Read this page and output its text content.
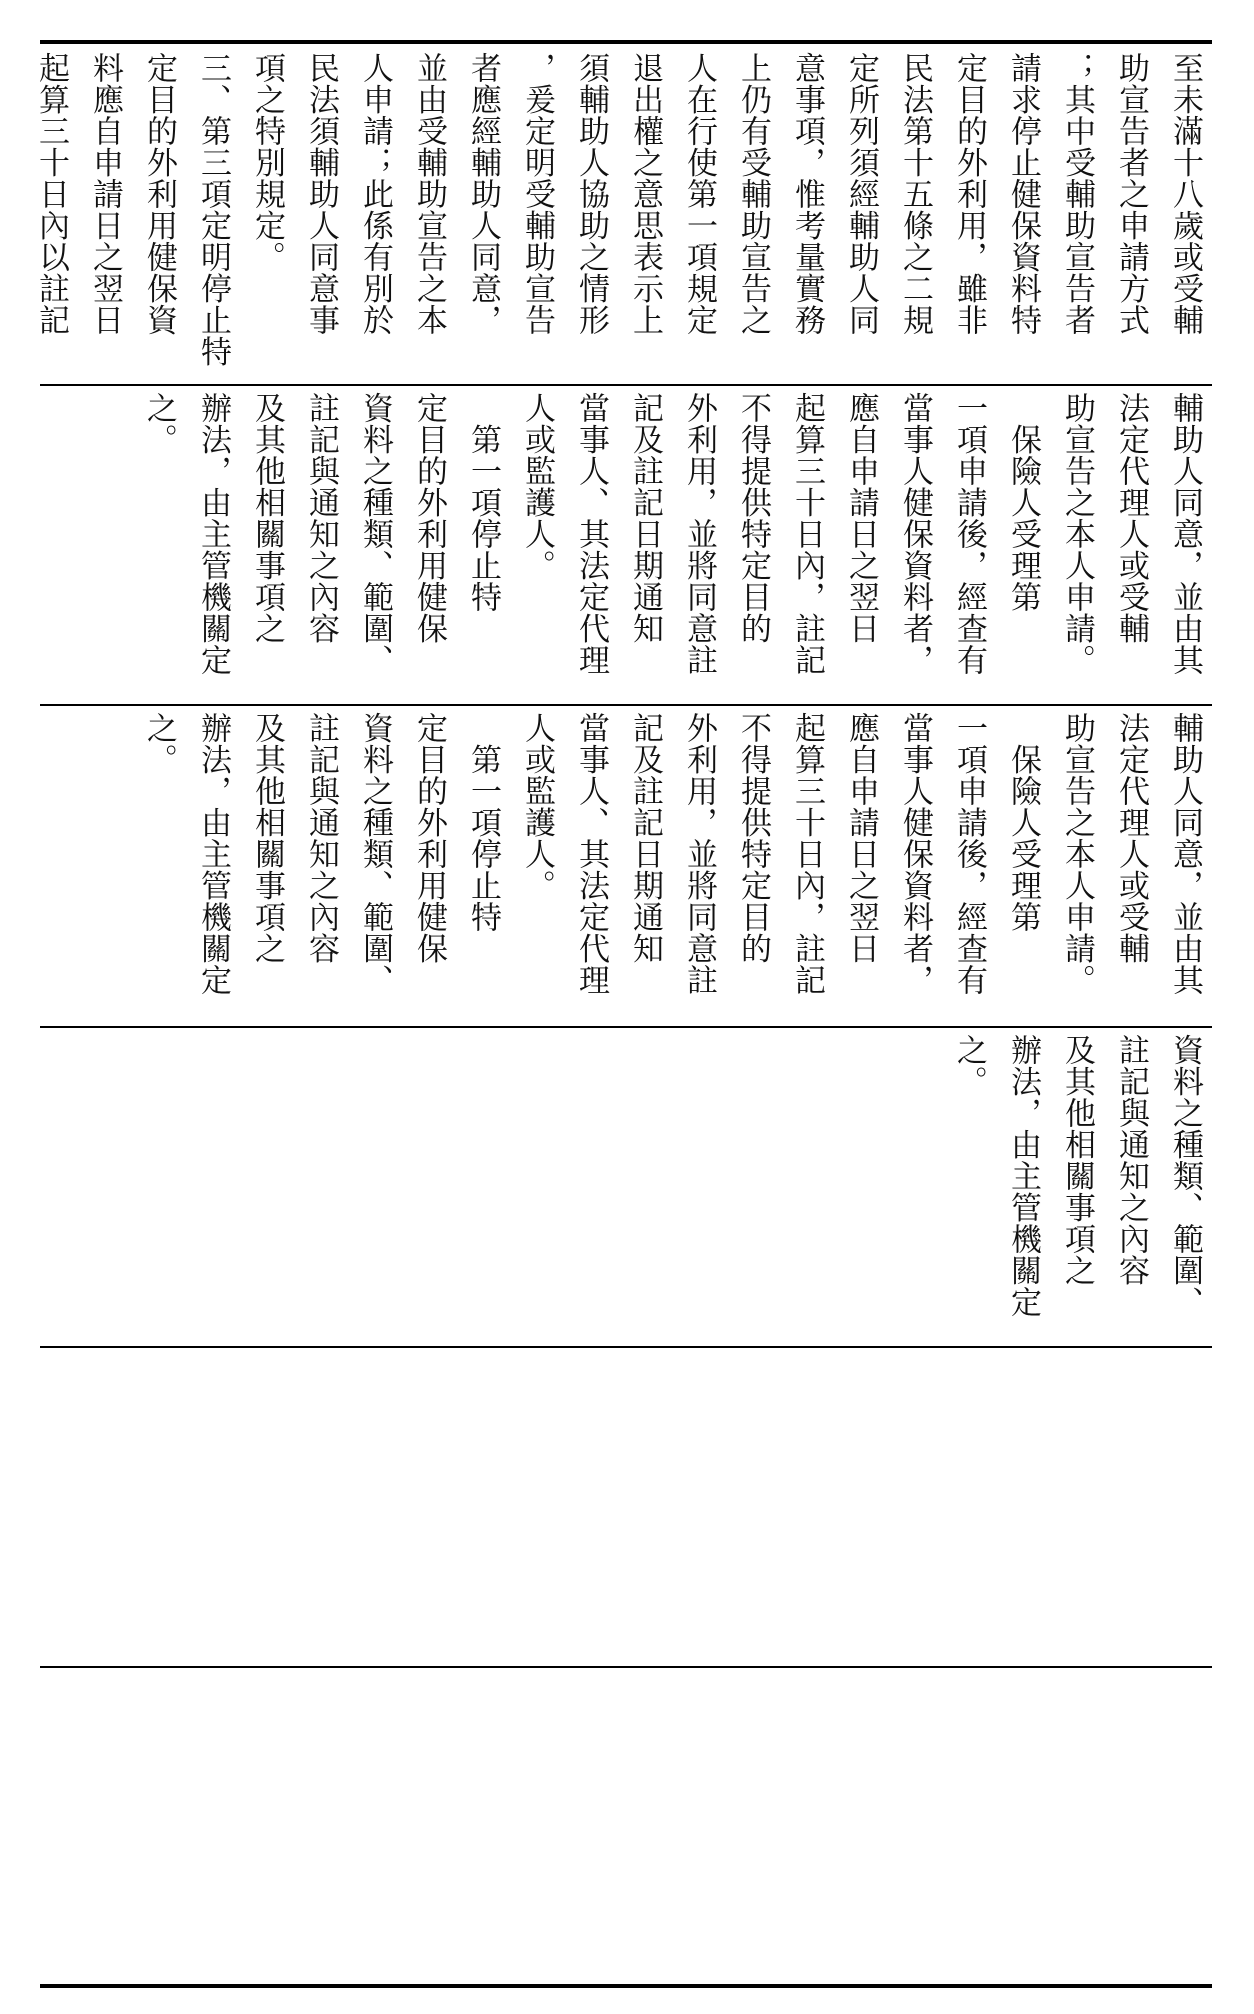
至未滿十八歲或受輔
助宣告者之申請方式
；其中受輔助宣告者
請求停止健保資料特
定目的外利用，雖非
民法第十五條之二規
定所列須經輔助人同
意事項，惟考量實務
上仍有受輔助宣告之
人在行使第一項規定
退出權之意思表示上
須輔助人協助之情形
，爰定明受輔助宣告
者應經輔助人同意，
並由受輔助宣告之本
人申請；此係有別於
民法須輔助人同意事
項之特別規定。
三、第三項定明停止特
定目的外利用健保資
料應自申請日之翌日
起算三十日內以註記
輔助人同意，並由其
法定代理人或受輔
助宣告之本人申請。
　保險人受理第
一項申請後，經查有
當事人健保資料者，
應自申請日之翌日
起算三十日內，註記
不得提供特定目的
外利用，並將同意註
記及註記日期通知
當事人、其法定代理
人或監護人。
　第一項停止特
定目的外利用健保
資料之種類、範圍、
註記與通知之內容
及其他相關事項之
辦法，由主管機關定
之。
輔助人同意，並由其
法定代理人或受輔
助宣告之本人申請。
　保險人受理第
一項申請後，經查有
當事人健保資料者，
應自申請日之翌日
起算三十日內，註記
不得提供特定目的
外利用，並將同意註
記及註記日期通知
當事人、其法定代理
人或監護人。
　第一項停止特
定目的外利用健保
資料之種類、範圍、
註記與通知之內容
及其他相關事項之
辦法，由主管機關定
之。
資料之種類、範圍、
註記與通知之內容
及其他相關事項之
辦法，由主管機關定
之。
